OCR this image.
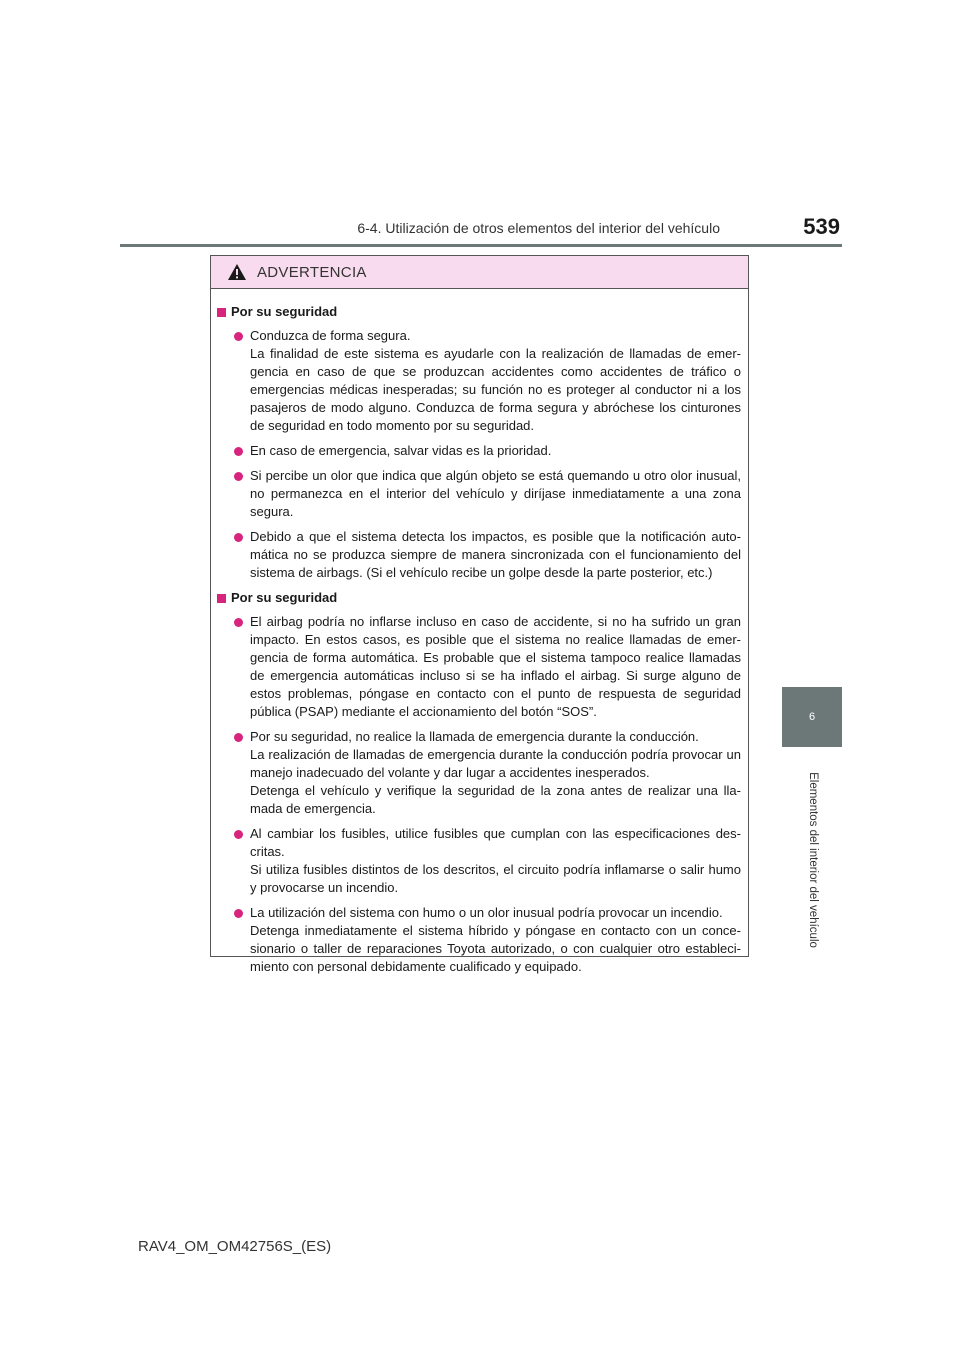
6-4. Utilización de otros elementos del interior del vehículo	539
6
Elementos del interior del vehículo
ADVERTENCIA
Por su seguridad

Conduzca de forma segura.

La finalidad de este sistema es ayudarle con la realización de llamadas de emer-gencia en caso de que se produzcan accidentes como accidentes de tráfico o emergencias médicas inesperadas; su función no es proteger al conductor ni a los pasajeros de modo alguno. Conduzca de forma segura y abróchese los cinturones de seguridad en todo momento por su seguridad.

En caso de emergencia, salvar vidas es la prioridad.

Si percibe un olor que indica que algún objeto se está quemando u otro olor inusual, no permanezca en el interior del vehículo y diríjase inmediatamente a una zona segura.

Debido a que el sistema detecta los impactos, es posible que la notificación auto-mática no se produzca siempre de manera sincronizada con el funcionamiento del sistema de airbags. (Si el vehículo recibe un golpe desde la parte posterior, etc.)

Por su seguridad

El airbag podría no inflarse incluso en caso de accidente, si no ha sufrido un gran impacto. En estos casos, es posible que el sistema no realice llamadas de emer-gencia de forma automática. Es probable que el sistema tampoco realice llamadas de emergencia automáticas incluso si se ha inflado el airbag. Si surge alguno de estos problemas, póngase en contacto con el punto de respuesta de seguridad pública (PSAP) mediante el accionamiento del botón “SOS”.

Por su seguridad, no realice la llamada de emergencia durante la conducción.

La realización de llamadas de emergencia durante la conducción podría provocar un manejo inadecuado del volante y dar lugar a accidentes inesperados.

Detenga el vehículo y verifique la seguridad de la zona antes de realizar una lla-mada de emergencia.

Al cambiar los fusibles, utilice fusibles que cumplan con las especificaciones des-critas.

Si utiliza fusibles distintos de los descritos, el circuito podría inflamarse o salir humo y provocarse un incendio.

La utilización del sistema con humo o un olor inusual podría provocar un incendio.

Detenga inmediatamente el sistema híbrido y póngase en contacto con un conce-sionario o taller de reparaciones Toyota autorizado, o con cualquier otro estableci-miento con personal debidamente cualificado y equipado.

RAV4_OM_OM42756S_(ES)
